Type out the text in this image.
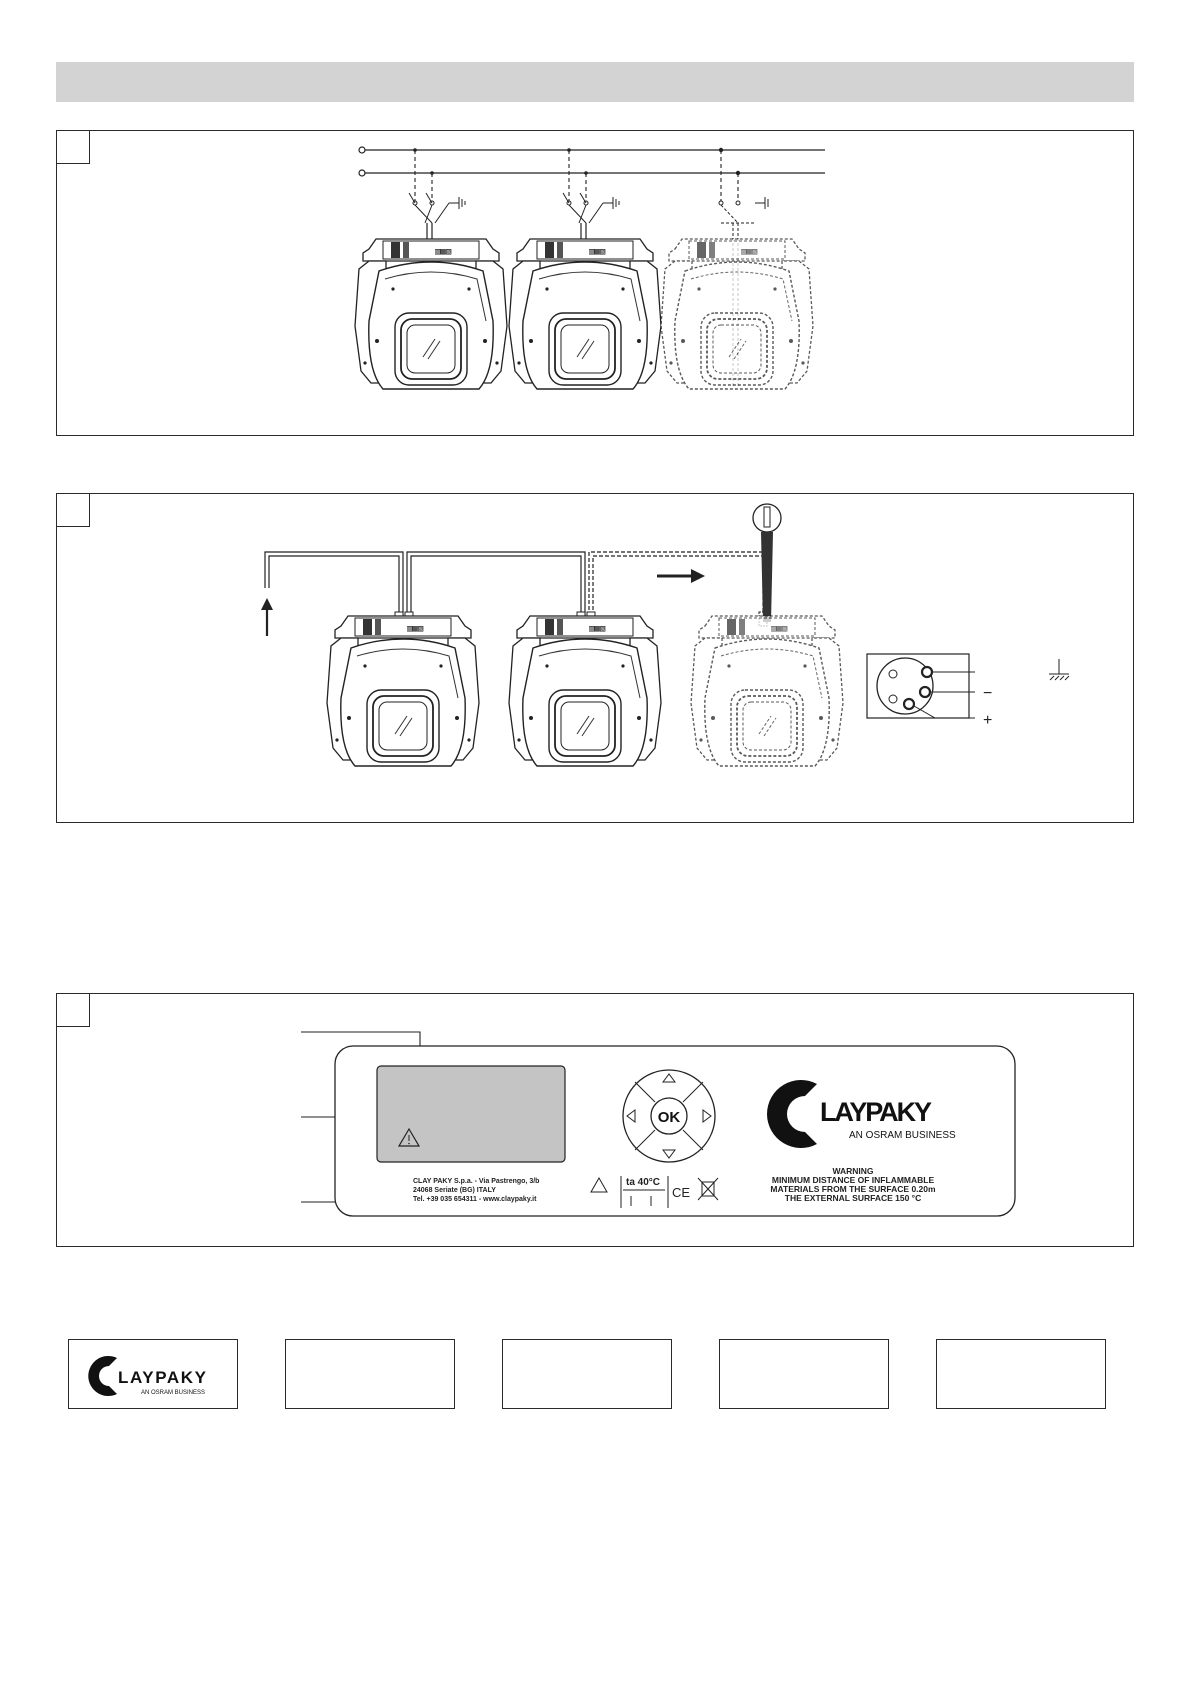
▥▦▧
−
+
OK	C
LAYPAKY
AN OSRAM BUSINESS
CLAY PAKY S.p.a. - Via Pastrengo, 3/b
24068 Seriate (BG) ITALY
Tel. +39 035 654311 - www.claypaky.it
ta 40°C
CE
WARNING
MINIMUM DISTANCE OF INFLAMMABLE
MATERIALS FROM THE SURFACE 0.20m
THE EXTERNAL SURFACE 150 °C
C LAYPAKY
AN OSRAM BUSINESS
